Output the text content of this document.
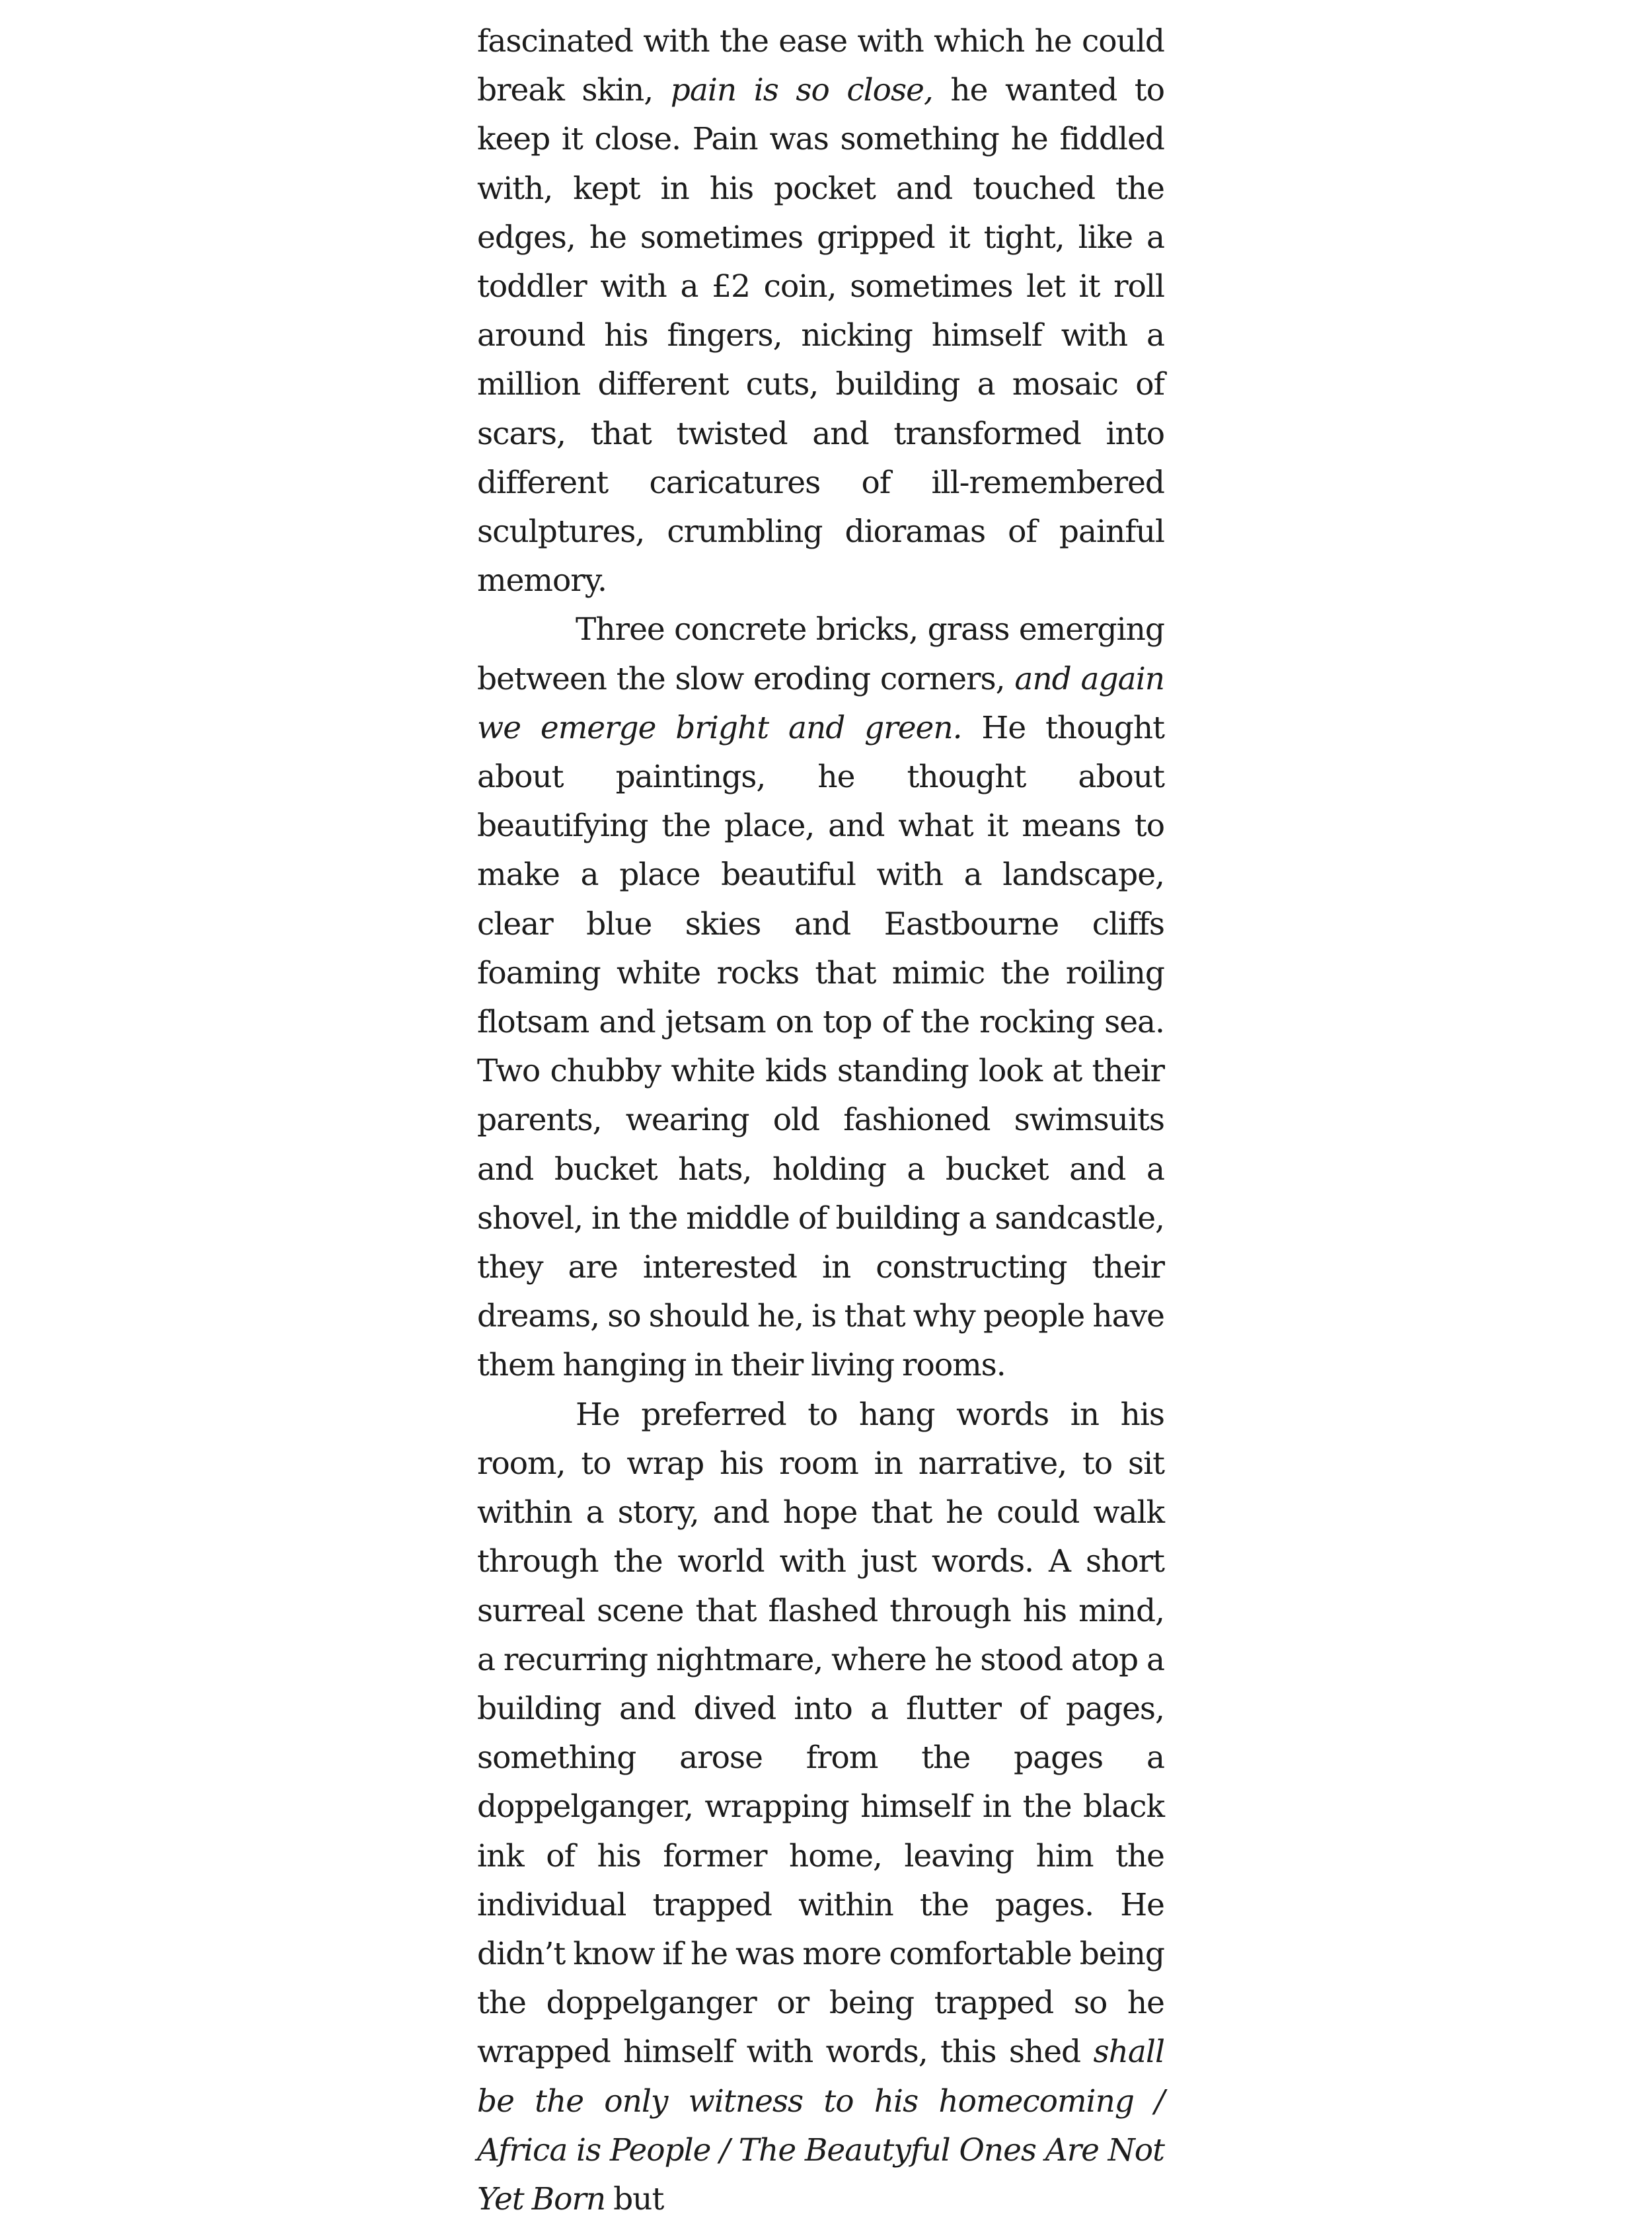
fascinated with the ease with which he could break skin, pain is so close, he wanted to keep it close. Pain was something he fiddled with, kept in his pocket and touched the edges, he sometimes gripped it tight, like a toddler with a £2 coin, sometimes let it roll around his fingers, nicking himself with a million different cuts, building a mosaic of scars, that twisted and transformed into different caricatures of ill-remembered sculptures, crumbling dioramas of painful memory.

Three concrete bricks, grass emerging between the slow eroding corners, and again we emerge bright and green. He thought about paintings, he thought about beautifying the place, and what it means to make a place beautiful with a landscape, clear blue skies and Eastbourne cliffs foaming white rocks that mimic the roiling flotsam and jetsam on top of the rocking sea. Two chubby white kids standing look at their parents, wearing old fashioned swimsuits and bucket hats, holding a bucket and a shovel, in the middle of building a sandcastle, they are interested in constructing their dreams, so should he, is that why people have them hanging in their living rooms.

He preferred to hang words in his room, to wrap his room in narrative, to sit within a story, and hope that he could walk through the world with just words. A short surreal scene that flashed through his mind, a recurring nightmare, where he stood atop a building and dived into a flutter of pages, something arose from the pages a doppelganger, wrapping himself in the black ink of his former home, leaving him the individual trapped within the pages. He didn’t know if he was more comfortable being the doppelganger or being trapped so he wrapped himself with words, this shed shall be the only witness to his homecoming / Africa is People / The Beautyful Ones Are Not Yet Born but
